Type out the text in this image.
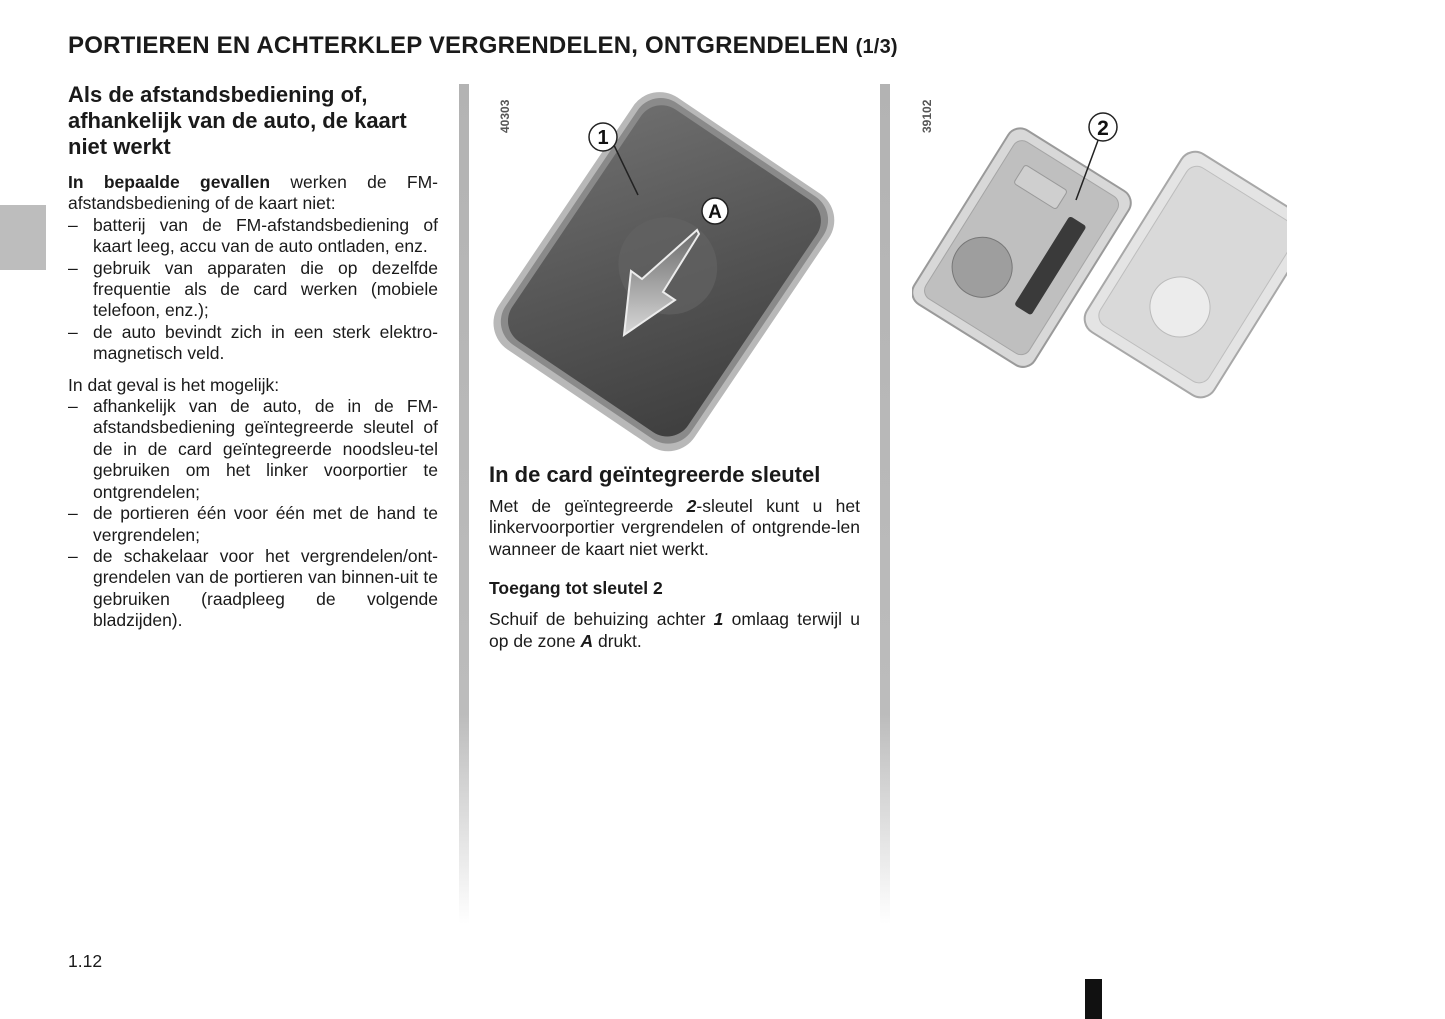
PORTIEREN EN ACHTERKLEP VERGRENDELEN, ONTGRENDELEN (1/3)
Als de afstandsbediening of, afhankelijk van de auto, de kaart niet werkt

In bepaalde gevallen werken de FM-afstandsbediening of de kaart niet:

– batterij van de FM-afstandsbediening of kaart leeg, accu van de auto ontladen, enz.
– gebruik van apparaten die op dezelfde frequentie als de card werken (mobiele telefoon, enz.);
– de auto bevindt zich in een sterk elektro-magnetisch veld.

In dat geval is het mogelijk:

– afhankelijk van de auto, de in de FM-afstandsbediening geïntegreerde sleutel of de in de card geïntegreerde noodsleu-tel gebruiken om het linker voorportier te ontgrendelen;
– de portieren één voor één met de hand te vergrendelen;
– de schakelaar voor het vergrendelen/ont-grendelen van de portieren van binnen-uit te gebruiken (raadpleeg de volgende bladzijden).
40303
1
A
39102	2
In de card geïntegreerde sleutel

Met de geïntegreerde 2-sleutel kunt u het linkervoorportier vergrendelen of ontgrende-len wanneer de kaart niet werkt.

Toegang tot sleutel 2

Schuif de behuizing achter 1 omlaag terwijl u op de zone A drukt.

1.12
